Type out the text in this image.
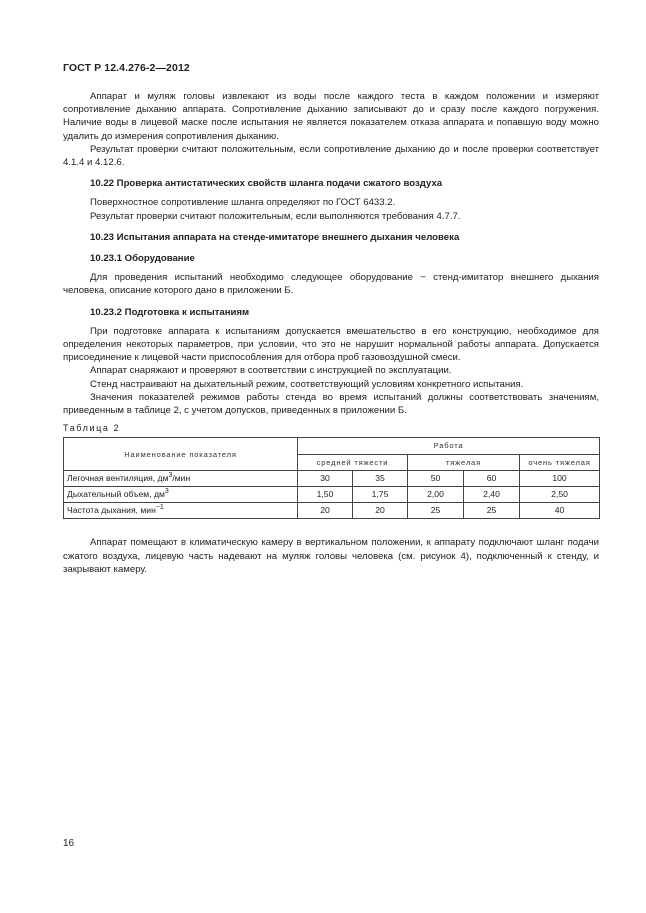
ГОСТ Р 12.4.276-2—2012

Аппарат и муляж головы извлекают из воды после каждого теста в каждом положении и измеряют сопротивление дыханию аппарата. Сопротивление дыханию записывают до и сразу после каждого погружения. Наличие воды в лицевой маске после испытания не является показателем отказа аппарата и попавшую воду можно удалить до измерения сопротивления дыханию.

Результат проверки считают положительным, если сопротивление дыханию до и после проверки соответствует 4.1.4 и 4.12.6.

10.22 Проверка антистатических свойств шланга подачи сжатого воздуха

Поверхностное сопротивление шланга определяют по ГОСТ 6433.2.

Результат проверки считают положительным, если выполняются требования 4.7.7.

10.23 Испытания аппарата на стенде-имитаторе внешнего дыхания человека
10.23.1 Оборудование

Для проведения испытаний необходимо следующее оборудование − стенд-имитатор внешнего дыхания человека, описание которого дано в приложении Б.

10.23.2 Подготовка к испытаниям

При подготовке аппарата к испытаниям допускается вмешательство в его конструкцию, необходимое для определения некоторых параметров, при условии, что это не нарушит нормальной работы аппарата. Допускается присоединение к лицевой части приспособления для отбора проб газовоздушной смеси.

Аппарат снаряжают и проверяют в соответствии с инструкцией по эксплуатации.

Стенд настраивают на дыхательный режим, соответствующий условиям конкретного испытания.

Значения показателей режимов работы стенда во время испытаний должны соответствовать значениям, приведенным в таблице 2, с учетом допусков, приведенных в приложении Б.

Таблица 2
Наименование показателя	Работа				
	средней тяжести		тяжелая		очень тяжелая
Легочная вентиляция, $дм^3$/мин	30	35	50	60	100
Дыхательный объем, $дм^3$	1,50	1,75	2,00	2,40	2,50
Частота дыхания, мин$^{-1}$	20	20	25	25	40

Аппарат помещают в климатическую камеру в вертикальном положении, к аппарату подключают шланг подачи сжатого воздуха, лицевую часть надевают на муляж головы человека (см. рисунок 4), подключенный к стенду, и закрывают камеру.

16
